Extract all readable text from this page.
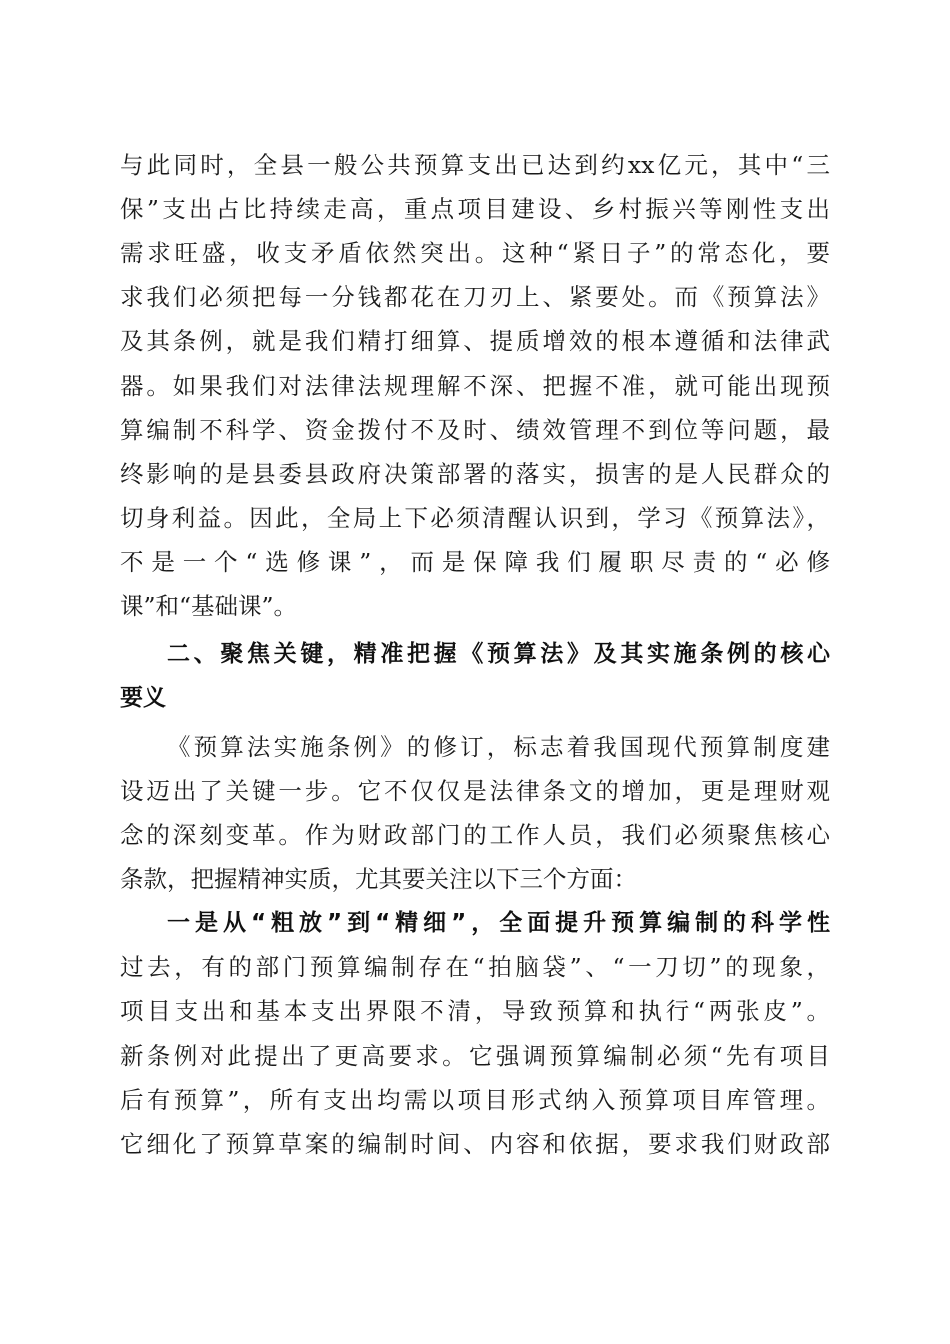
与此同时，全县一般公共预算支出已达到约xx亿元，其中“三
保”支出占比持续走高，重点项目建设、乡村振兴等刚性支出
需求旺盛，收支矛盾依然突出。这种“紧日子”的常态化，要
求我们必须把每一分钱都花在刀刃上、紧要处。而《预算法》
及其条例，就是我们精打细算、提质增效的根本遵循和法律武
器。如果我们对法律法规理解不深、把握不准，就可能出现预
算编制不科学、资金拨付不及时、绩效管理不到位等问题，最
终影响的是县委县政府决策部署的落实，损害的是人民群众的
切身利益。因此，全局上下必须清醒认识到，学习《预算法》，
不是一个“选修课”，而是保障我们履职尽责的“必修
课”和“基础课”。
二、聚焦关键，精准把握《预算法》及其实施条例的核心
要义
《预算法实施条例》的修订，标志着我国现代预算制度建
设迈出了关键一步。它不仅仅是法律条文的增加，更是理财观
念的深刻变革。作为财政部门的工作人员，我们必须聚焦核心
条款，把握精神实质，尤其要关注以下三个方面：
一是从“粗放”到“精细”，全面提升预算编制的科学性
过去，有的部门预算编制存在“拍脑袋”、“一刀切”的现象，
项目支出和基本支出界限不清，导致预算和执行“两张皮”。
新条例对此提出了更高要求。它强调预算编制必须“先有项目
后有预算”，所有支出均需以项目形式纳入预算项目库管理。
它细化了预算草案的编制时间、内容和依据，要求我们财政部
